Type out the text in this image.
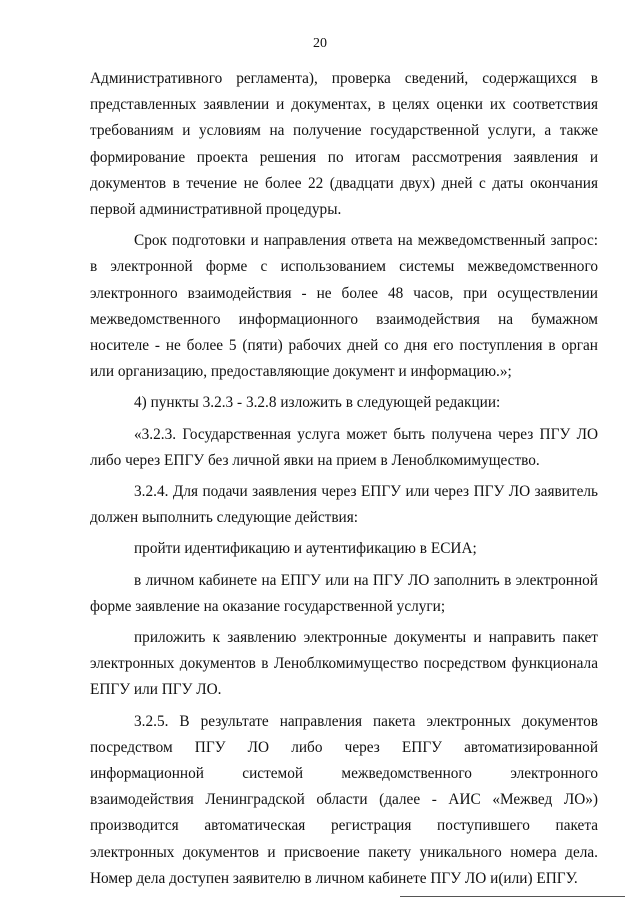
20

Административного регламента), проверка сведений, содержащихся в представленных заявлении и документах, в целях оценки их соответствия требованиям и условиям на получение государственной услуги, а также формирование проекта решения по итогам рассмотрения заявления и документов в течение не более 22 (двадцати двух) дней с даты окончания первой административной процедуры.

Срок подготовки и направления ответа на межведомственный запрос: в электронной форме с использованием системы межведомственного электронного взаимодействия - не более 48 часов, при осуществлении межведомственного информационного взаимодействия на бумажном носителе - не более 5 (пяти) рабочих дней со дня его поступления в орган или организацию, предоставляющие документ и информацию.»;

4) пункты 3.2.3 - 3.2.8 изложить в следующей редакции:

«3.2.3. Государственная услуга может быть получена через ПГУ ЛО либо через ЕПГУ без личной явки на прием в Леноблкомимущество.

3.2.4. Для подачи заявления через ЕПГУ или через ПГУ ЛО заявитель должен выполнить следующие действия:

пройти идентификацию и аутентификацию в ЕСИА;

в личном кабинете на ЕПГУ или на ПГУ ЛО заполнить в электронной форме заявление на оказание государственной услуги;

приложить к заявлению электронные документы и направить пакет электронных документов в Леноблкомимущество посредством функционала ЕПГУ или ПГУ ЛО.

3.2.5. В результате направления пакета электронных документов посредством ПГУ ЛО либо через ЕПГУ автоматизированной информационной системой межведомственного электронного взаимодействия Ленинградской области (далее - АИС «Межвед ЛО») производится автоматическая регистрация поступившего пакета электронных документов и присвоение пакету уникального номера дела. Номер дела доступен заявителю в личном кабинете ПГУ ЛО и(или) ЕПГУ.
